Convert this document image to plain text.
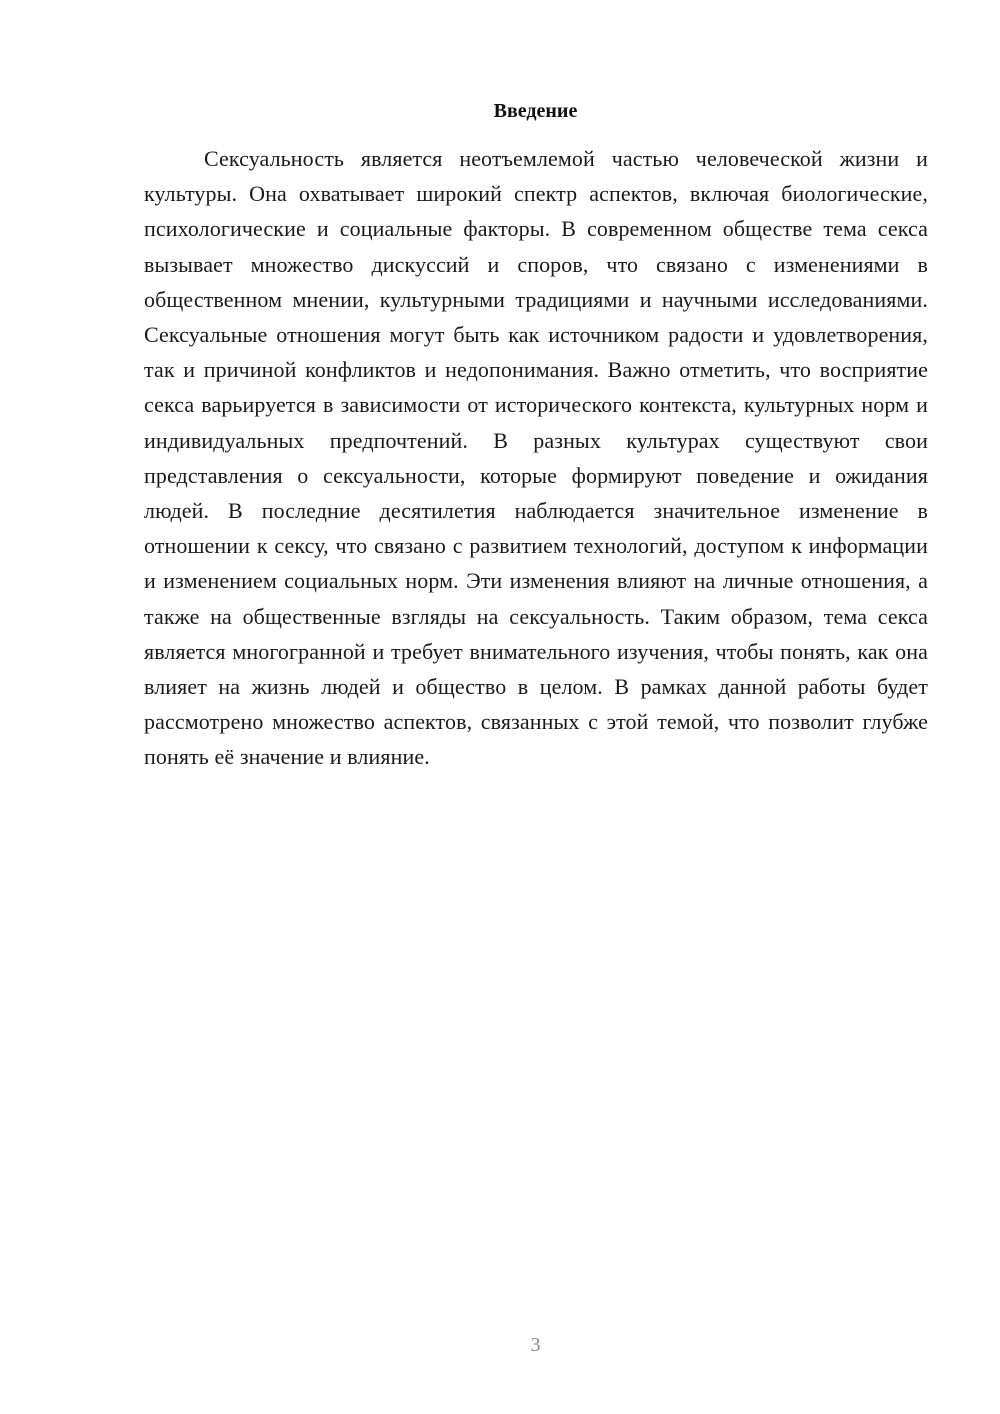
Введение

Сексуальность является неотъемлемой частью человеческой жизни и культуры. Она охватывает широкий спектр аспектов, включая биологические, психологические и социальные факторы. В современном обществе тема секса вызывает множество дискуссий и споров, что связано с изменениями в общественном мнении, культурными традициями и научными исследованиями. Сексуальные отношения могут быть как источником радости и удовлетворения, так и причиной конфликтов и недопонимания. Важно отметить, что восприятие секса варьируется в зависимости от исторического контекста, культурных норм и индивидуальных предпочтений. В разных культурах существуют свои представления о сексуальности, которые формируют поведение и ожидания людей. В последние десятилетия наблюдается значительное изменение в отношении к сексу, что связано с развитием технологий, доступом к информации и изменением социальных норм. Эти изменения влияют на личные отношения, а также на общественные взгляды на сексуальность. Таким образом, тема секса является многогранной и требует внимательного изучения, чтобы понять, как она влияет на жизнь людей и общество в целом. В рамках данной работы будет рассмотрено множество аспектов, связанных с этой темой, что позволит глубже понять её значение и влияние.

3
